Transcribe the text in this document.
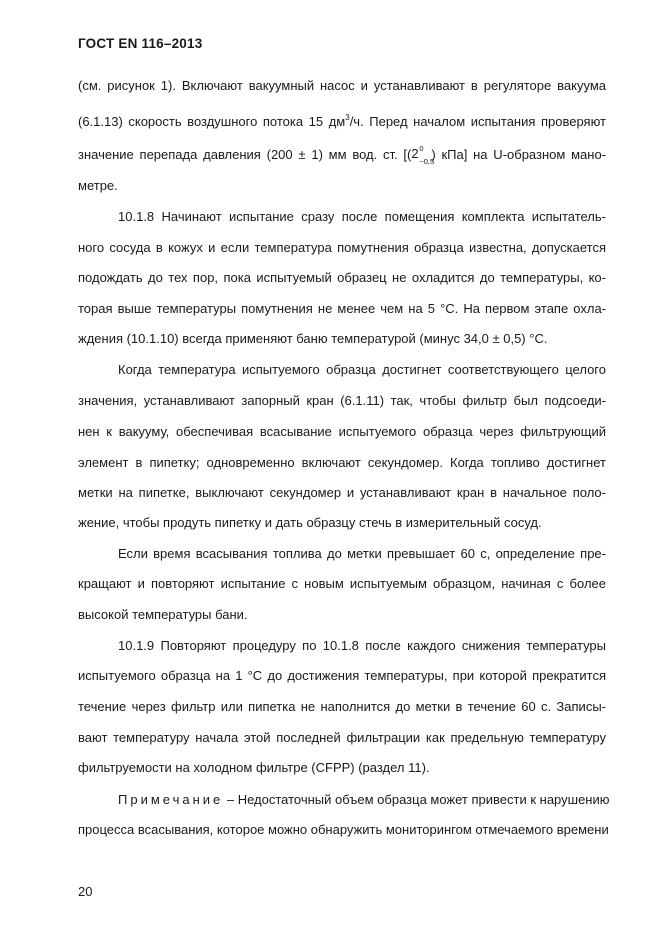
ГОСТ EN 116–2013
(см. рисунок 1). Включают вакуумный насос и устанавливают в регуляторе вакуума
(6.1.13) скорость воздушного потока 15 $дм^3/ч$. Перед началом испытания проверяют
значение перепада давления (200 ± 1) мм вод. ст. [( 2 0
−0,5
) кПа] на U-образном мано-
метре.
10.1.8 Начинают испытание сразу после помещения комплекта испытатель-
ного сосуда в кожух и если температура помутнения образца известна, допускается
подождать до тех пор, пока испытуемый образец не охладится до температуры, ко-
торая выше температуры помутнения не менее чем на 5 °C. На первом этапе охла-
ждения (10.1.10) всегда применяют баню температурой (минус 34,0 ± 0,5) °C.
Когда температура испытуемого образца достигнет соответствующего целого
значения, устанавливают запорный кран (6.1.11) так, чтобы фильтр был подсоеди-
нен к вакууму, обеспечивая всасывание испытуемого образца через фильтрующий
элемент в пипетку; одновременно включают секундомер. Когда топливо достигнет
метки на пипетке, выключают секундомер и устанавливают кран в начальное поло-
жение, чтобы продуть пипетку и дать образцу стечь в измерительный сосуд.
Если время всасывания топлива до метки превышает 60 с, определение пре-
кращают и повторяют испытание с новым испытуемым образцом, начиная с более
высокой температуры бани.
10.1.9 Повторяют процедуру по 10.1.8 после каждого снижения температуры
испытуемого образца на 1 °C до достижения температуры, при которой прекратится
течение через фильтр или пипетка не наполнится до метки в течение 60 с. Записы-
вают температуру начала этой последней фильтрации как предельную температуру
фильтруемости на холодном фильтре (CFPP) (раздел 11).
Примечание – Недостаточный объем образца может привести к нарушению
процесса всасывания, которое можно обнаружить мониторингом отмечаемого времени
20
